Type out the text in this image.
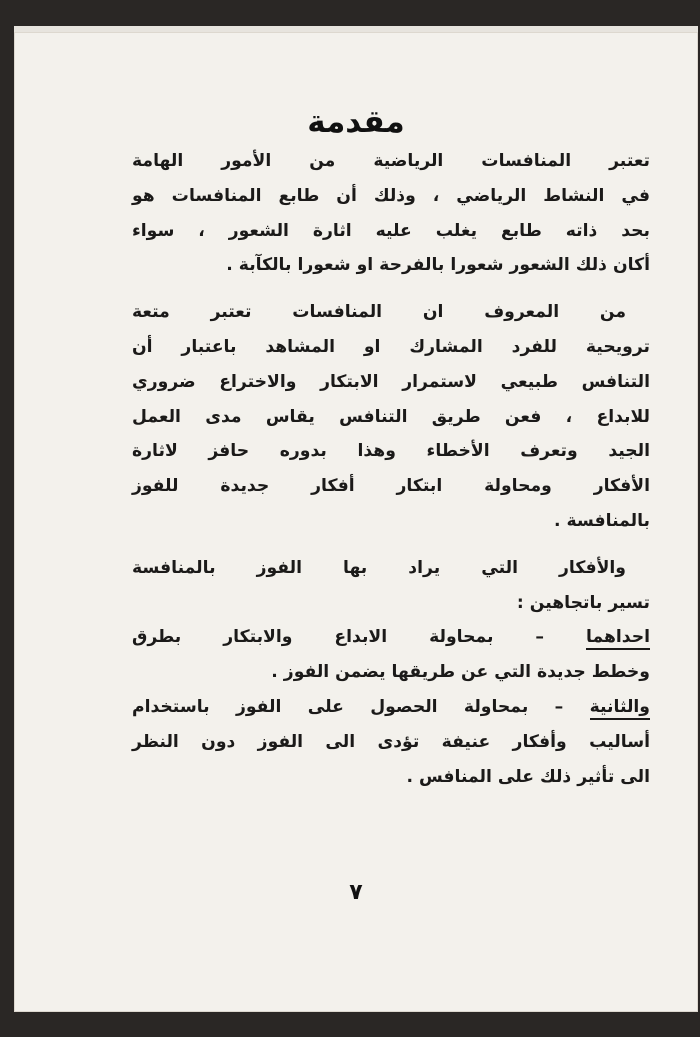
مقدمة
تعتبر المنافسات الرياضية من الأمور الهامة
في النشاط الرياضي ، وذلك أن طابع المنافسات هو
بحد ذاته طابع يغلب عليه اثارة الشعور ، سواء
أكان ذلك الشعور شعورا بالفرحة او شعورا بالكآبة .
من المعروف ان المنافسات تعتبر متعة
ترويحية للفرد المشارك او المشاهد باعتبار أن
التنافس طبيعي لاستمرار الابتكار والاختراع ضروري
للابداع ، فعن طريق التنافس يقاس مدى العمل
الجيد وتعرف الأخطاء وهذا بدوره حافز لاثارة
الأفكار ومحاولة ابتكار أفكار جديدة للفوز
بالمنافسة .
والأفكار التي يراد بها الفوز بالمنافسة
تسير باتجاهين :
احداهما – بمحاولة الابداع والابتكار بطرق
وخطط جديدة التي عن طريقها يضمن الفوز .
والثانية – بمحاولة الحصول على الفوز باستخدام
أساليب وأفكار عنيفة تؤدى الى الفوز دون النظر
الى تأثير ذلك على المنافس .
٧
